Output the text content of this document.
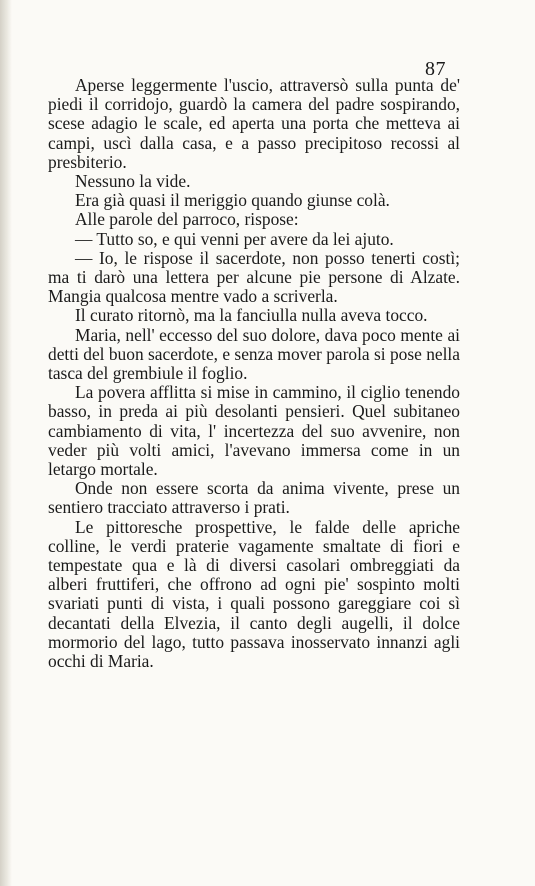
87

Aperse leggermente l'uscio, attraversò sulla punta de' piedi il corridojo, guardò la camera del padre sospirando, scese adagio le scale, ed aperta una porta che metteva ai campi, uscì dalla casa, e a passo precipitoso recossi al presbiterio.

Nessuno la vide.

Era già quasi il meriggio quando giunse colà.

Alle parole del parroco, rispose:

— Tutto so, e qui venni per avere da lei ajuto.

— Io, le rispose il sacerdote, non posso tenerti costì; ma ti darò una lettera per alcune pie persone di Alzate. Mangia qualcosa mentre vado a scriverla.

Il curato ritornò, ma la fanciulla nulla aveva tocco.

Maria, nell' eccesso del suo dolore, dava poco mente ai detti del buon sacerdote, e senza mover parola si pose nella tasca del grembiule il foglio.

La povera afflitta si mise in cammino, il ciglio tenendo basso, in preda ai più desolanti pensieri. Quel subitaneo cambiamento di vita, l' incertezza del suo avvenire, non veder più volti amici, l'avevano immersa come in un letargo mortale.

Onde non essere scorta da anima vivente, prese un sentiero tracciato attraverso i prati.

Le pittoresche prospettive, le falde delle apriche colline, le verdi praterie vagamente smaltate di fiori e tempestate qua e là di diversi casolari ombreggiati da alberi fruttiferi, che offrono ad ogni pie' sospinto molti svariati punti di vista, i quali possono gareggiare coi sì decantati della Elvezia, il canto degli augelli, il dolce mormorio del lago, tutto passava inosservato innanzi agli occhi di Maria.
